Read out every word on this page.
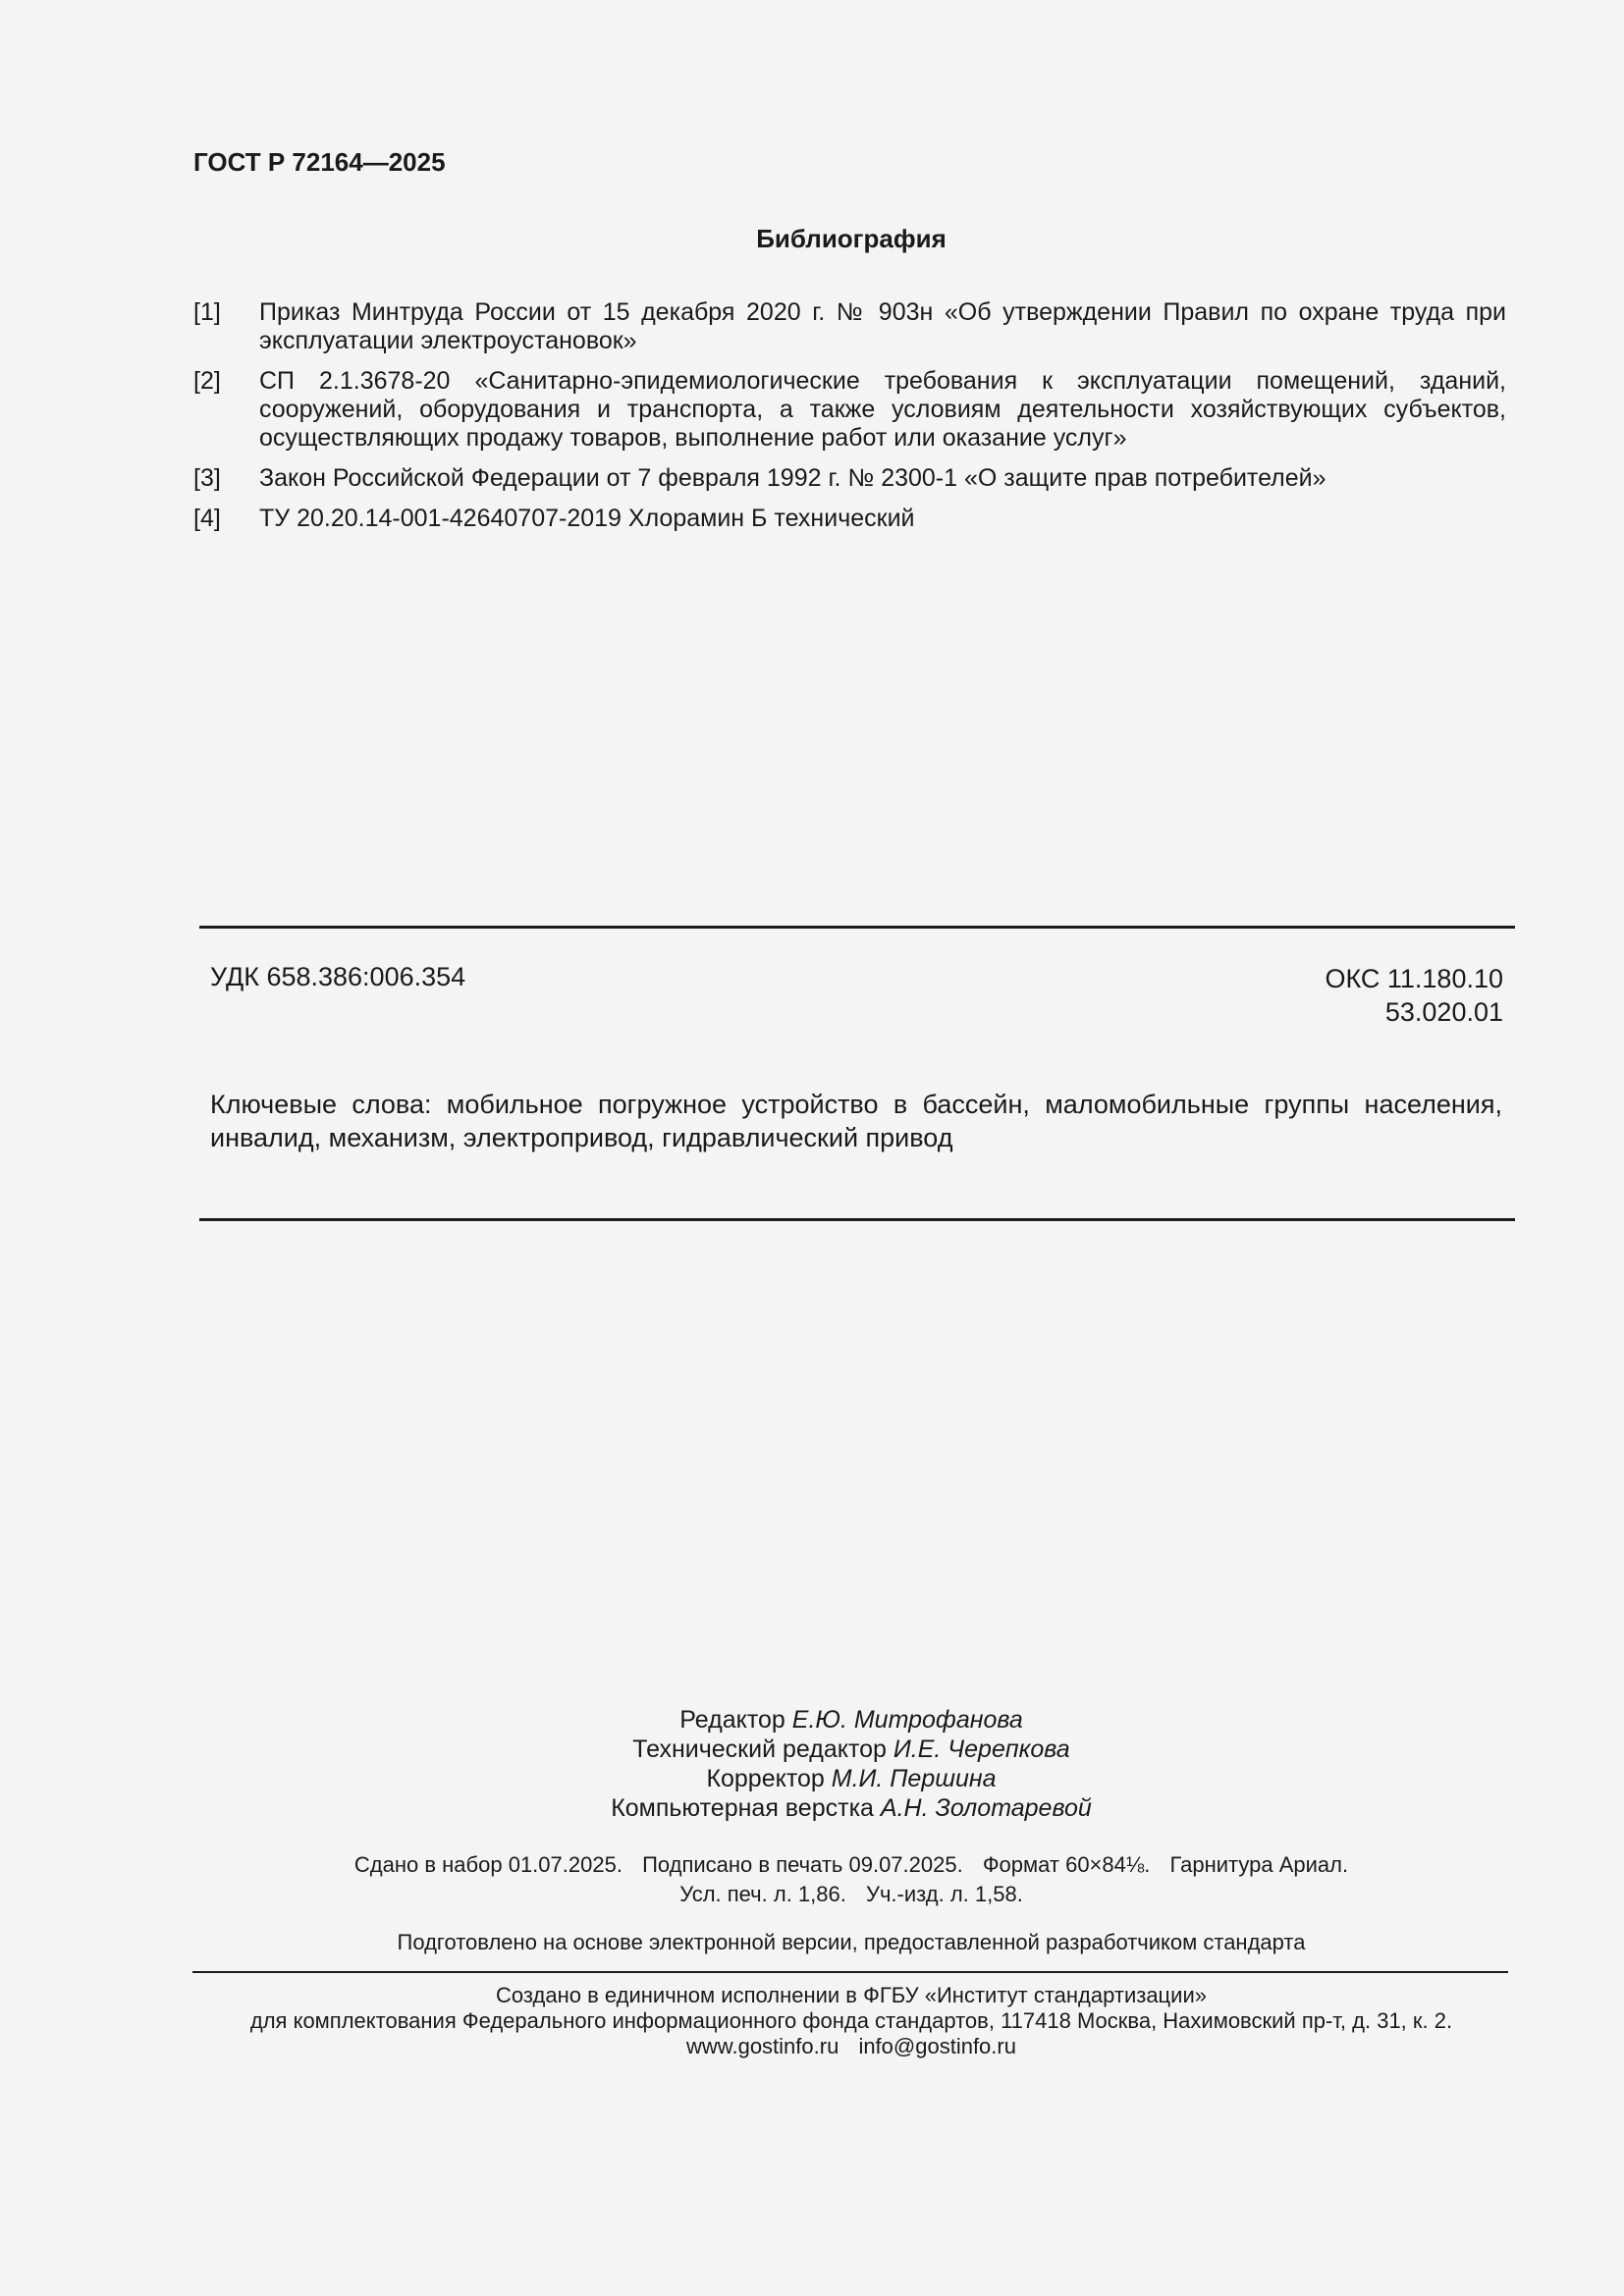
ГОСТ Р 72164—2025
Библиография
[1] Приказ Минтруда России от 15 декабря 2020 г. № 903н «Об утверждении Правил по охране труда при эксплуатации электроустановок»
[2] СП 2.1.3678-20 «Санитарно-эпидемиологические требования к эксплуатации помещений, зданий, сооружений, оборудования и транспорта, а также условиям деятельности хозяйствующих субъектов, осуществляющих продажу товаров, выполнение работ или оказание услуг»
[3] Закон Российской Федерации от 7 февраля 1992 г. № 2300-1 «О защите прав потребителей»
[4] ТУ 20.20.14-001-42640707-2019 Хлорамин Б технический
УДК 658.386:006.354	ОКС 11.180.10
53.020.01
Ключевые слова: мобильное погружное устройство в бассейн, маломобильные группы населения, инвалид, механизм, электропривод, гидравлический привод
Редактор Е.Ю. Митрофанова
Технический редактор И.Е. Черепкова
Корректор М.И. Першина
Компьютерная верстка А.Н. Золотаревой
Сдано в набор 01.07.2025. Подписано в печать 09.07.2025. Формат 60×84⅛. Гарнитура Ариал.
Усл. печ. л. 1,86. Уч.-изд. л. 1,58.
Подготовлено на основе электронной версии, предоставленной разработчиком стандарта
Создано в единичном исполнении в ФГБУ «Институт стандартизации»
для комплектования Федерального информационного фонда стандартов, 117418 Москва, Нахимовский пр-т, д. 31, к. 2.
www.gostinfo.ru info@gostinfo.ru
